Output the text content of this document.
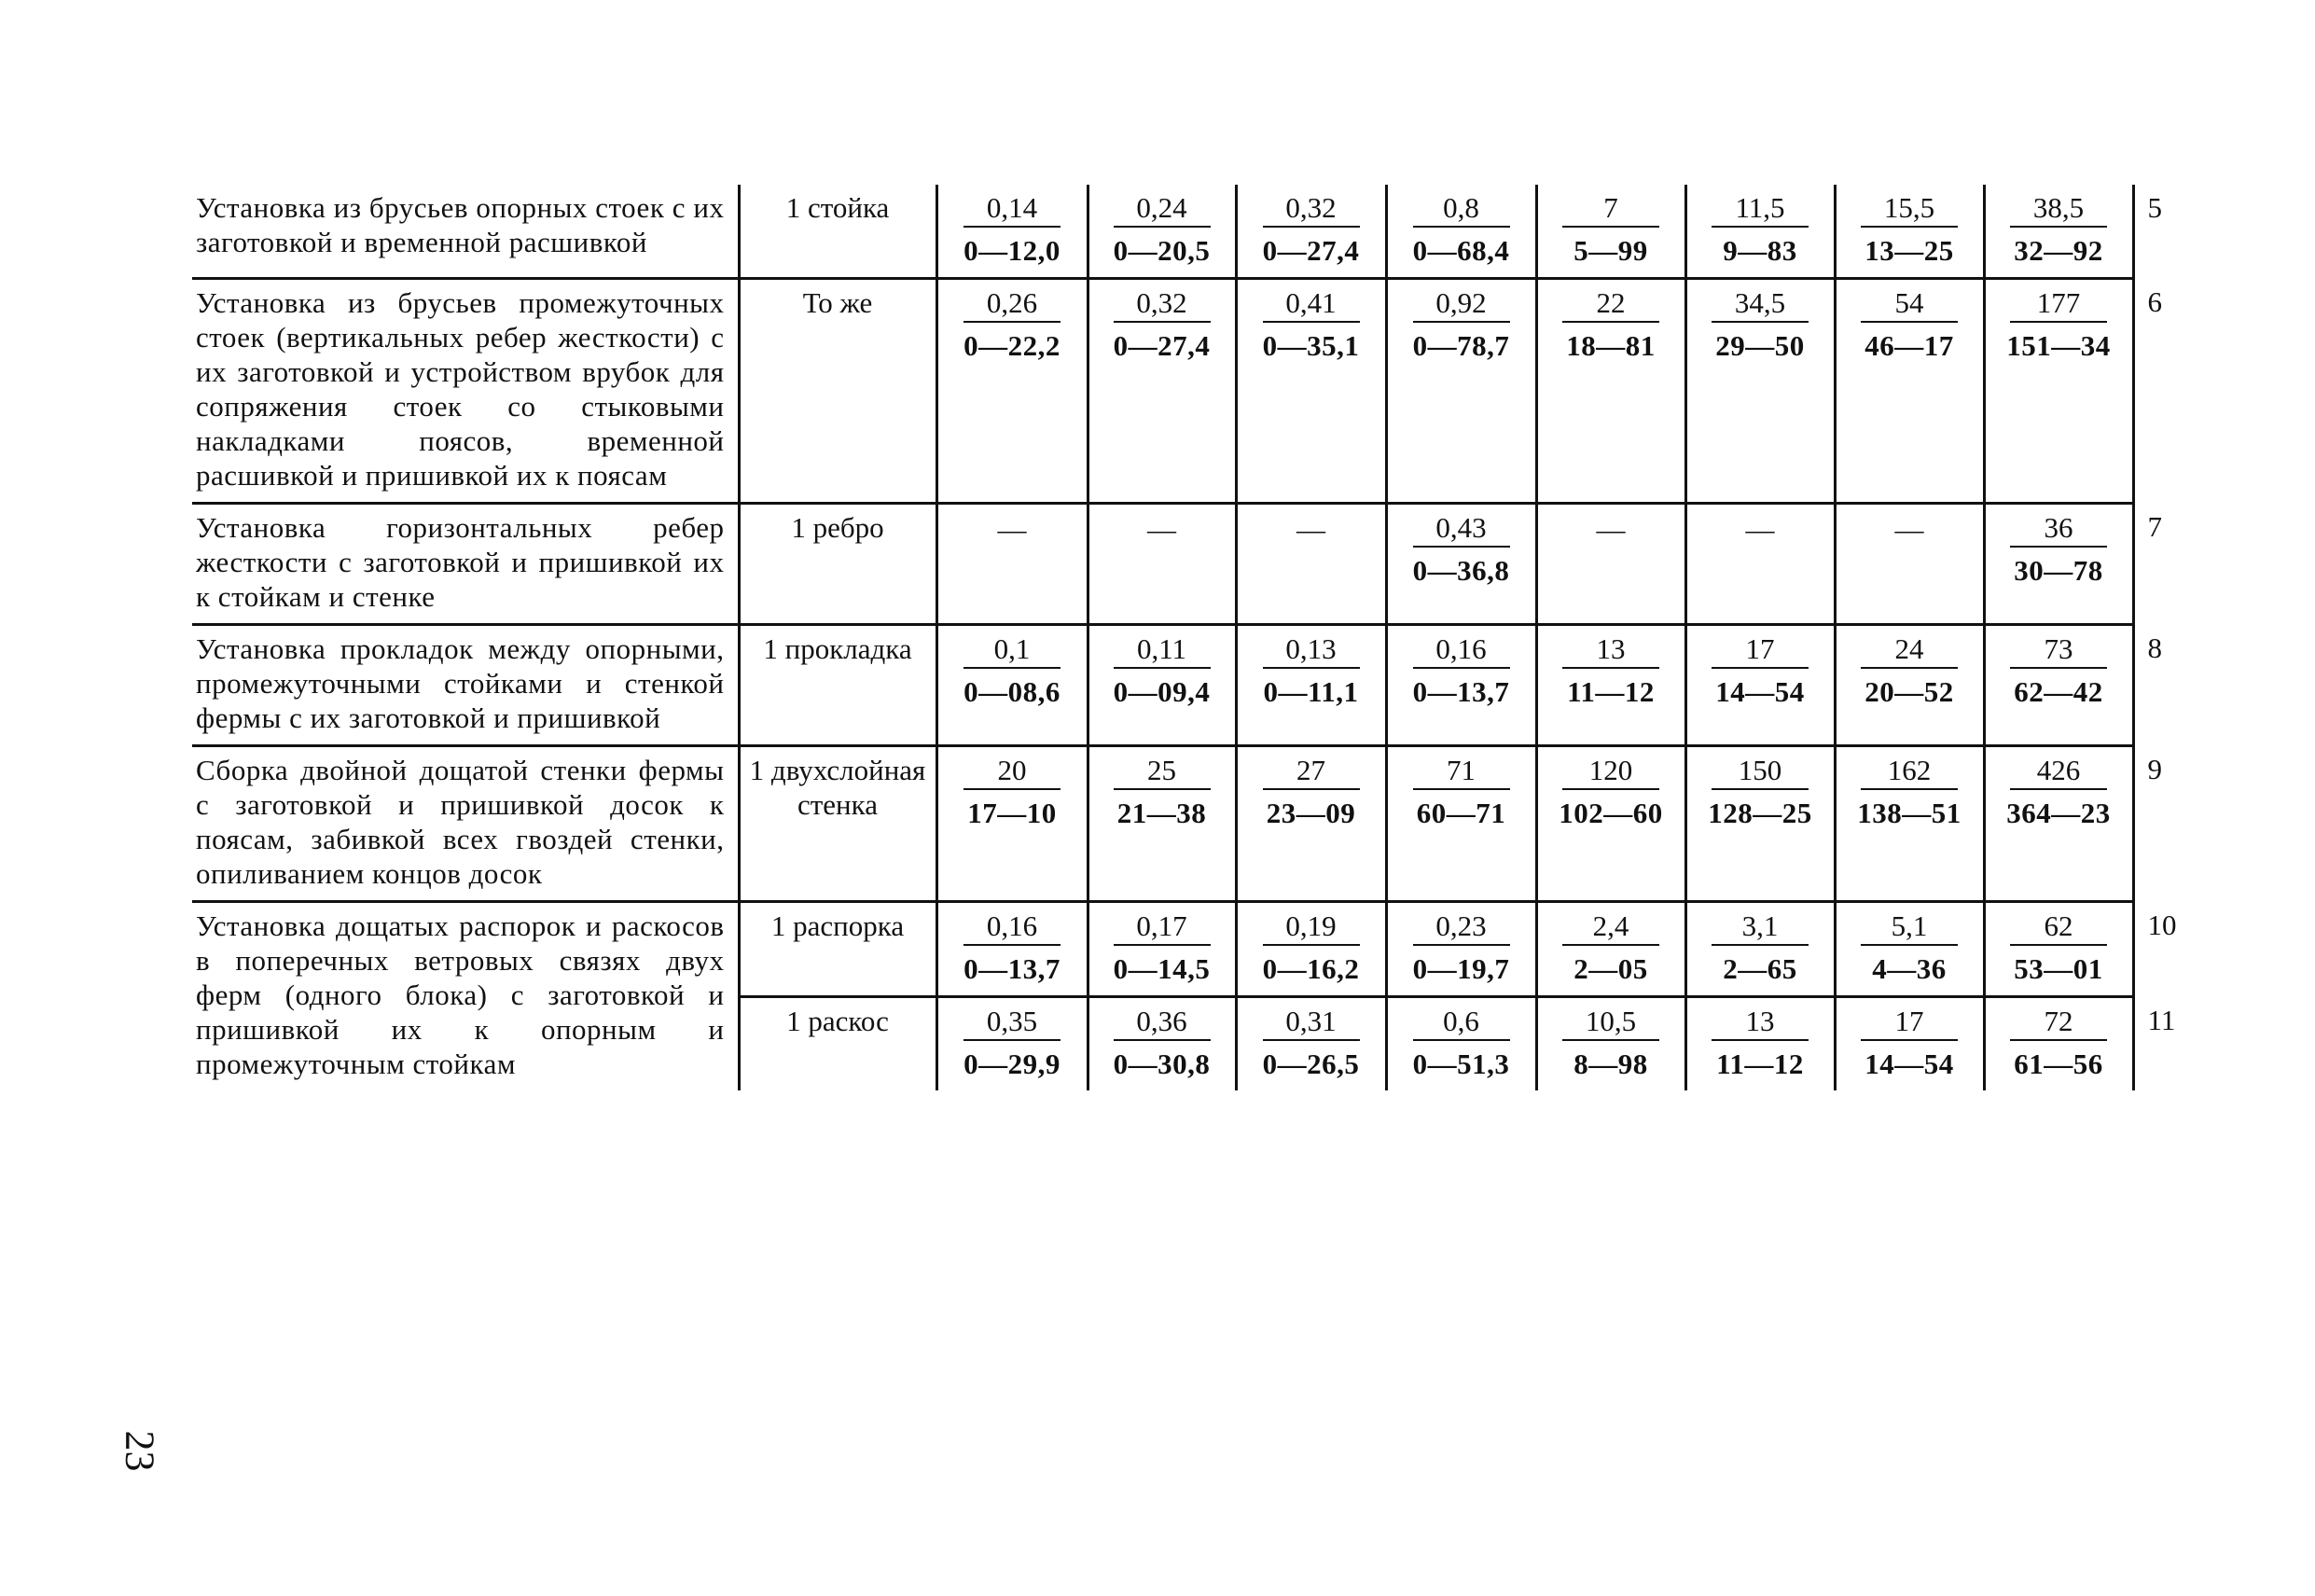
Установка из брусьев опорных стоек с их заготовкой и временной расшивкой	1 стойка	$\frac{0,14}{0—12,0}$	$\frac{0,24}{0—20,5}$	$\frac{0,32}{0—27,4}$	$\frac{0,8}{0—68,4}$	$\frac{7}{5—99}$	$\frac{11,5}{9—83}$	$\frac{15,5}{13—25}$	$\frac{38,5}{32—92}$	5
Установка из брусьев промежуточных стоек (вертикальных ребер жесткости) с их заготовкой и устройством врубок для сопряжения стоек со стыковыми накладками поясов, временной расшивкой и пришивкой их к поясам	То же	$\frac{0,26}{0—22,2}$	$\frac{0,32}{0—27,4}$	$\frac{0,41}{0—35,1}$	$\frac{0,92}{0—78,7}$	$\frac{22}{18—81}$	$\frac{34,5}{29—50}$	$\frac{54}{46—17}$	$\frac{177}{151—34}$	6
Установка горизонтальных ребер жесткости с заготовкой и пришивкой их к стойкам и стенке	1 ребро	—	—	—	$\frac{0,43}{0—36,8}$	—	—	—	$\frac{36}{30—78}$	7
Установка прокладок между опорными, промежуточными стойками и стенкой фермы с их заготовкой и пришивкой	1 прокладка	$\frac{0,1}{0—08,6}$	$\frac{0,11}{0—09,4}$	$\frac{0,13}{0—11,1}$	$\frac{0,16}{0—13,7}$	$\frac{13}{11—12}$	$\frac{17}{14—54}$	$\frac{24}{20—52}$	$\frac{73}{62—42}$	8
Сборка двойной дощатой стенки фермы с заготовкой и пришивкой досок к поясам, забивкой всех гвоздей стенки, опиливанием концов досок	1 двухслойная стенка	$\frac{20}{17—10}$	$\frac{25}{21—38}$	$\frac{27}{23—09}$	$\frac{71}{60—71}$	$\frac{120}{102—60}$	$\frac{150}{128—25}$	$\frac{162}{138—51}$	$\frac{426}{364—23}$	9
Установка дощатых распорок и раскосов в поперечных ветровых связях двух ферм (одного блока) с заготовкой и пришивкой их к опорным и промежуточным стойкам	1 распорка	$\frac{0,16}{0—13,7}$	$\frac{0,17}{0—14,5}$	$\frac{0,19}{0—16,2}$	$\frac{0,23}{0—19,7}$	$\frac{2,4}{2—05}$	$\frac{3,1}{2—65}$	$\frac{5,1}{4—36}$	$\frac{62}{53—01}$	10
	1 раскос	$\frac{0,35}{0—29,9}$	$\frac{0,36}{0—30,8}$	$\frac{0,31}{0—26,5}$	$\frac{0,6}{0—51,3}$	$\frac{10,5}{8—98}$	$\frac{13}{11—12}$	$\frac{17}{14—54}$	$\frac{72}{61—56}$	11
23
